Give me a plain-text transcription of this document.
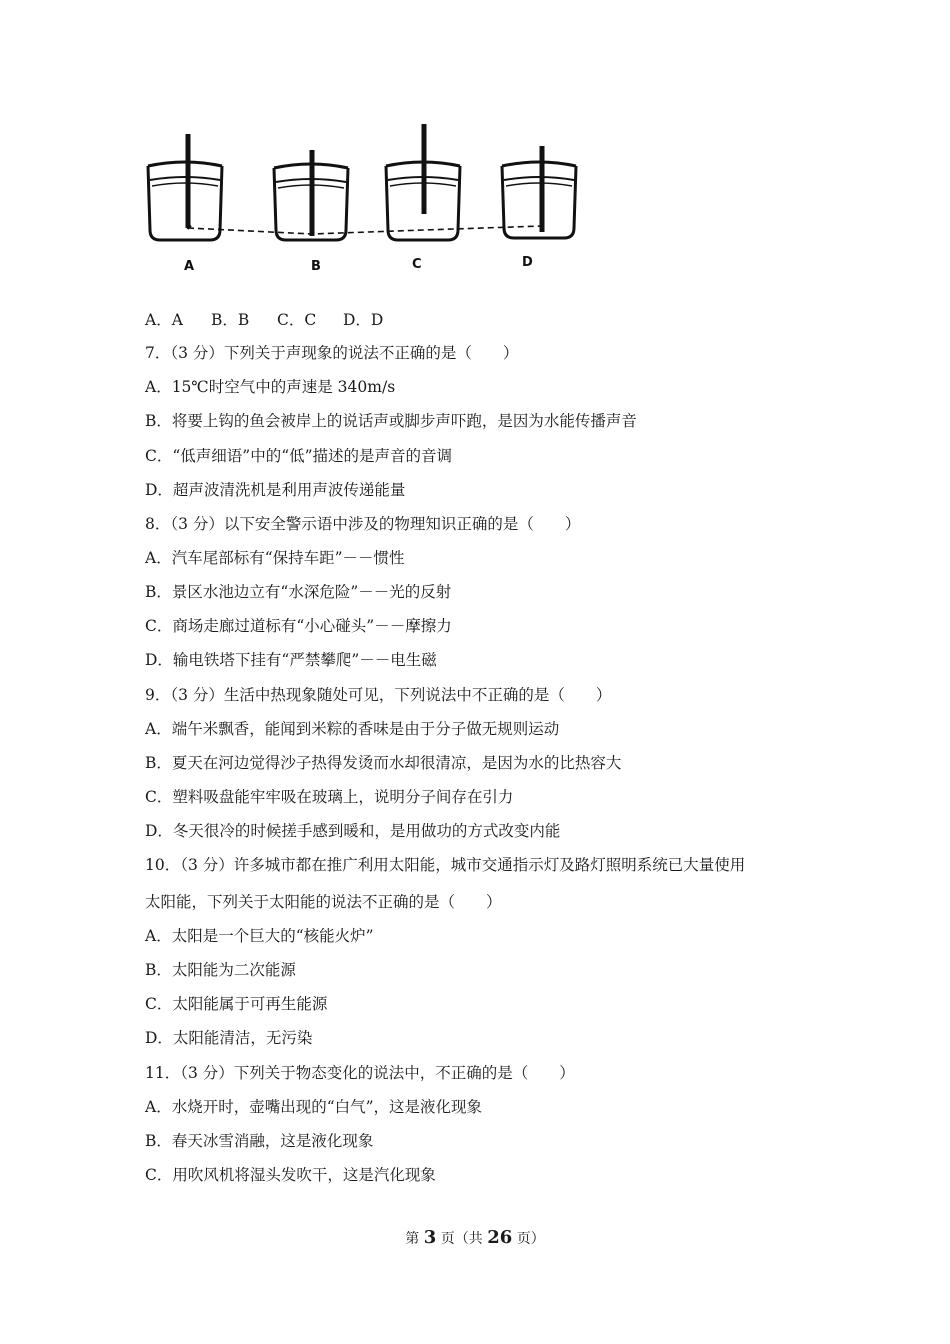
A	B	C	D
A．A B．B C．C D．D
7．（3 分）下列关于声现象的说法不正确的是（　　）
A．15℃时空气中的声速是 340m/s
B．将要上钩的鱼会被岸上的说话声或脚步声吓跑，是因为水能传播声音
C．“低声细语”中的“低”描述的是声音的音调
D．超声波清洗机是利用声波传递能量
8．（3 分）以下安全警示语中涉及的物理知识正确的是（　　）
A．汽车尾部标有“保持车距”－－惯性
B．景区水池边立有“水深危险”－－光的反射
C．商场走廊过道标有“小心碰头”－－摩擦力
D．输电铁塔下挂有“严禁攀爬”－－电生磁
9．（3 分）生活中热现象随处可见，下列说法中不正确的是（　　）
A．端午米飘香，能闻到米粽的香味是由于分子做无规则运动
B．夏天在河边觉得沙子热得发烫而水却很清凉，是因为水的比热容大
C．塑料吸盘能牢牢吸在玻璃上，说明分子间存在引力
D．冬天很冷的时候搓手感到暖和，是用做功的方式改变内能
10．（3 分）许多城市都在推广利用太阳能，城市交通指示灯及路灯照明系统已大量使用
太阳能，下列关于太阳能的说法不正确的是（　　）
A．太阳是一个巨大的“核能火炉”
B．太阳能为二次能源
C．太阳能属于可再生能源
D．太阳能清洁，无污染
11．（3 分）下列关于物态变化的说法中，不正确的是（　　）
A．水烧开时，壶嘴出现的“白气”，这是液化现象
B．春天冰雪消融，这是液化现象
C．用吹风机将湿头发吹干，这是汽化现象
第 3 页（共 26 页）
